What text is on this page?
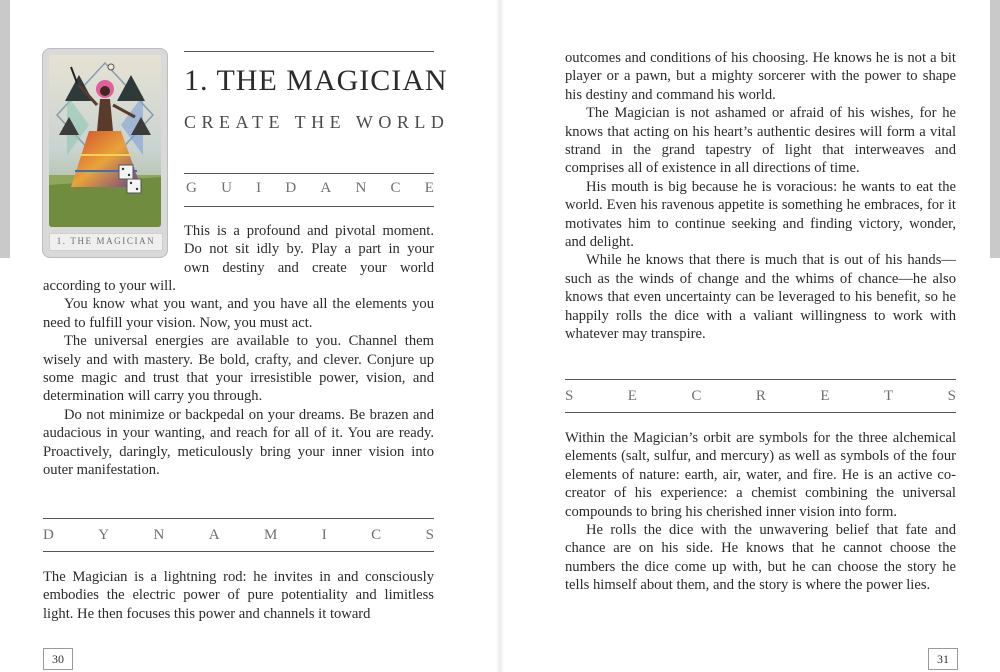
1. THE MAGICIAN
1. THE MAGICIAN
CREATE THE WORLD
G U I D A N C E
This is a profound and pivotal moment.
Do not sit idly by. Play a part in your
own destiny and create your world

according to your will.

You know what you want, and you have all the elements you need to fulfill your vision. Now, you must act.

The universal energies are available to you. Channel them wisely and with mastery. Be bold, crafty, and clever. Conjure up some magic and trust that your irresistible power, vision, and determination will carry you through.

Do not minimize or backpedal on your dreams. Be brazen and audacious in your wanting, and reach for all of it. You are ready. Proactively, daringly, meticulously bring your inner vision into outer manifestation.

D	Y	N	A	M	I	C	S

The Magician is a lightning rod: he invites in and consciously embodies the electric power of pure potentiality and limitless light. He then focuses this power and channels it toward

30

outcomes and conditions of his choosing. He knows he is not a bit player or a pawn, but a mighty sorcerer with the power to shape his destiny and command his world.

The Magician is not ashamed or afraid of his wishes, for he knows that acting on his heart’s authentic desires will form a vital strand in the grand tapestry of light that interweaves and comprises all of existence in all directions of time.

His mouth is big because he is voracious: he wants to eat the world. Even his ravenous appetite is something he embraces, for it motivates him to continue seeking and finding victory, wonder, and delight.

While he knows that there is much that is out of his hands—such as the winds of change and the whims of chance—he also knows that even uncertainty can be leveraged to his benefit, so he happily rolls the dice with a valiant willingness to work with whatever may transpire.

S	E	C	R	E	T	S

Within the Magician’s orbit are symbols for the three alchemical elements (salt, sulfur, and mercury) as well as symbols of the four elements of nature: earth, air, water, and fire. He is an active co-creator of his experience: a chemist combining the universal compounds to bring his cherished inner vision into form.

He rolls the dice with the unwavering belief that fate and chance are on his side. He knows that he cannot choose the numbers the dice come up with, but he can choose the story he tells himself about them, and the story is where the power lies.

31
